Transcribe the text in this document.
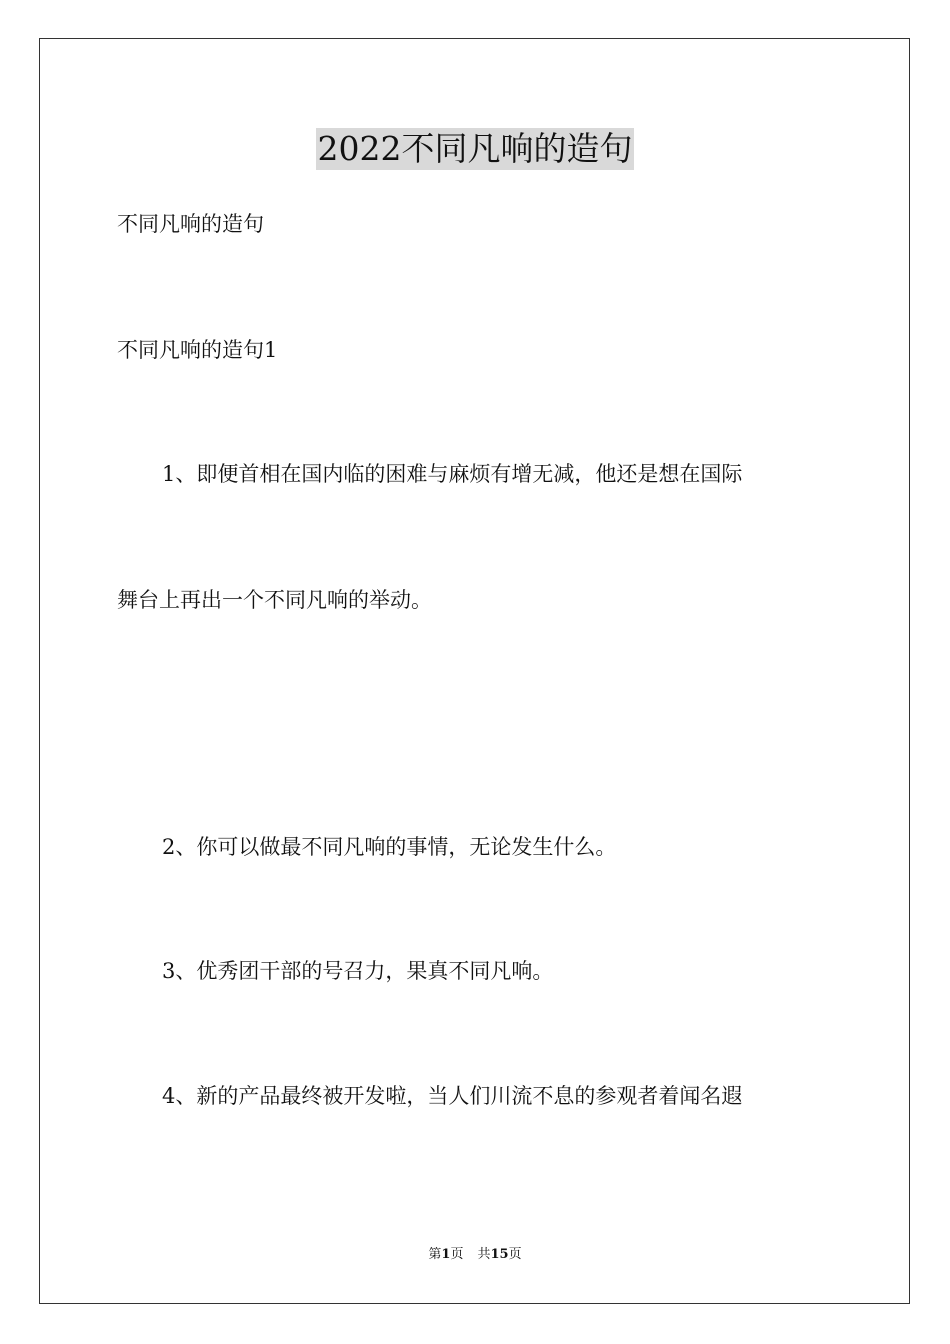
2022不同凡响的造句

不同凡响的造句

不同凡响的造句1

1、即便首相在国内临的困难与麻烦有增无减，他还是想在国际

舞台上再出一个不同凡响的举动。

2、你可以做最不同凡响的事情，无论发生什么。

3、优秀团干部的号召力，果真不同凡响。

4、新的产品最终被开发啦，当人们川流不息的参观者着闻名遐

第1页 共15页
